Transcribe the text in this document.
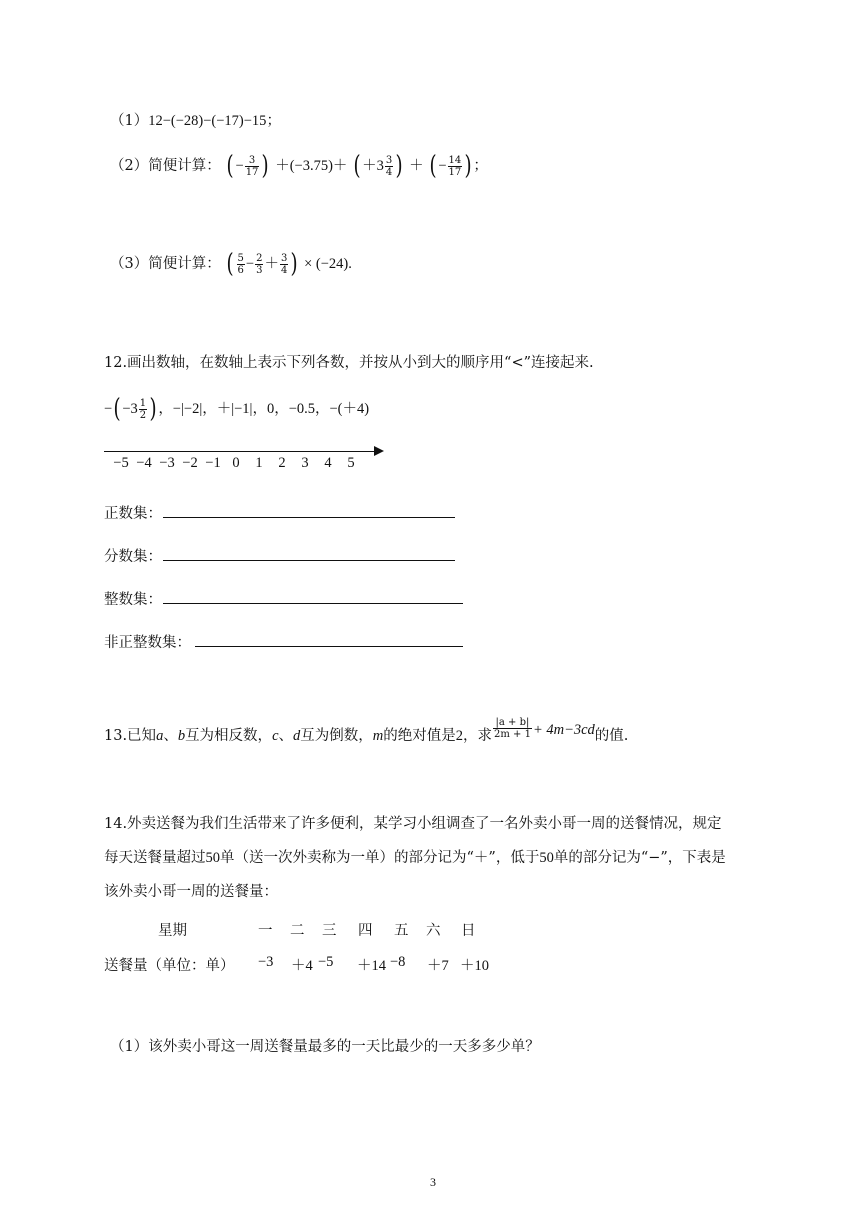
（1）12−(−28)−(−17)−15；
（2）简便计算： ( − $\frac{3}{17}$ ) ＋(−3.75)＋ ( $+3 \frac{3}{4}$ ) ＋ ( − $\frac{14}{17}$ ) ；
（3）简便计算： ( $\frac{5}{6} - \frac{2}{3} + \frac{3}{4}$ ) × (−24).
12.画出数轴，在数轴上表示下列各数，并按从小到大的顺序用“<”连接起来.
−( $-3 \frac{1}{2}$ ) ，−|−2|，＋|−1|，0，−0.5，−(＋4)
−5 −4 −3 −2 −1 0 1 2 3 4 5
正数集：
分数集：
整数集：
非正整数集：
13.已知a、b互为相反数，c、d互为倒数，m的绝对值是2，求 $\frac{|a + b|}{2m + 1} + 4m-3cd$的值.
14.外卖送餐为我们生活带来了许多便利，某学习小组调查了一名外卖小哥一周的送餐情况，规定
每天送餐量超过50单（送一次外卖称为一单）的部分记为“＋”，低于50单的部分记为“−”，下表是
该外卖小哥一周的送餐量：
星期	一 二 三 四 五 六 日
送餐量（单位：单） −3 ＋4 −5 ＋14 −8 ＋7 ＋10
（1）该外卖小哥这一周送餐量最多的一天比最少的一天多多少单？
3
